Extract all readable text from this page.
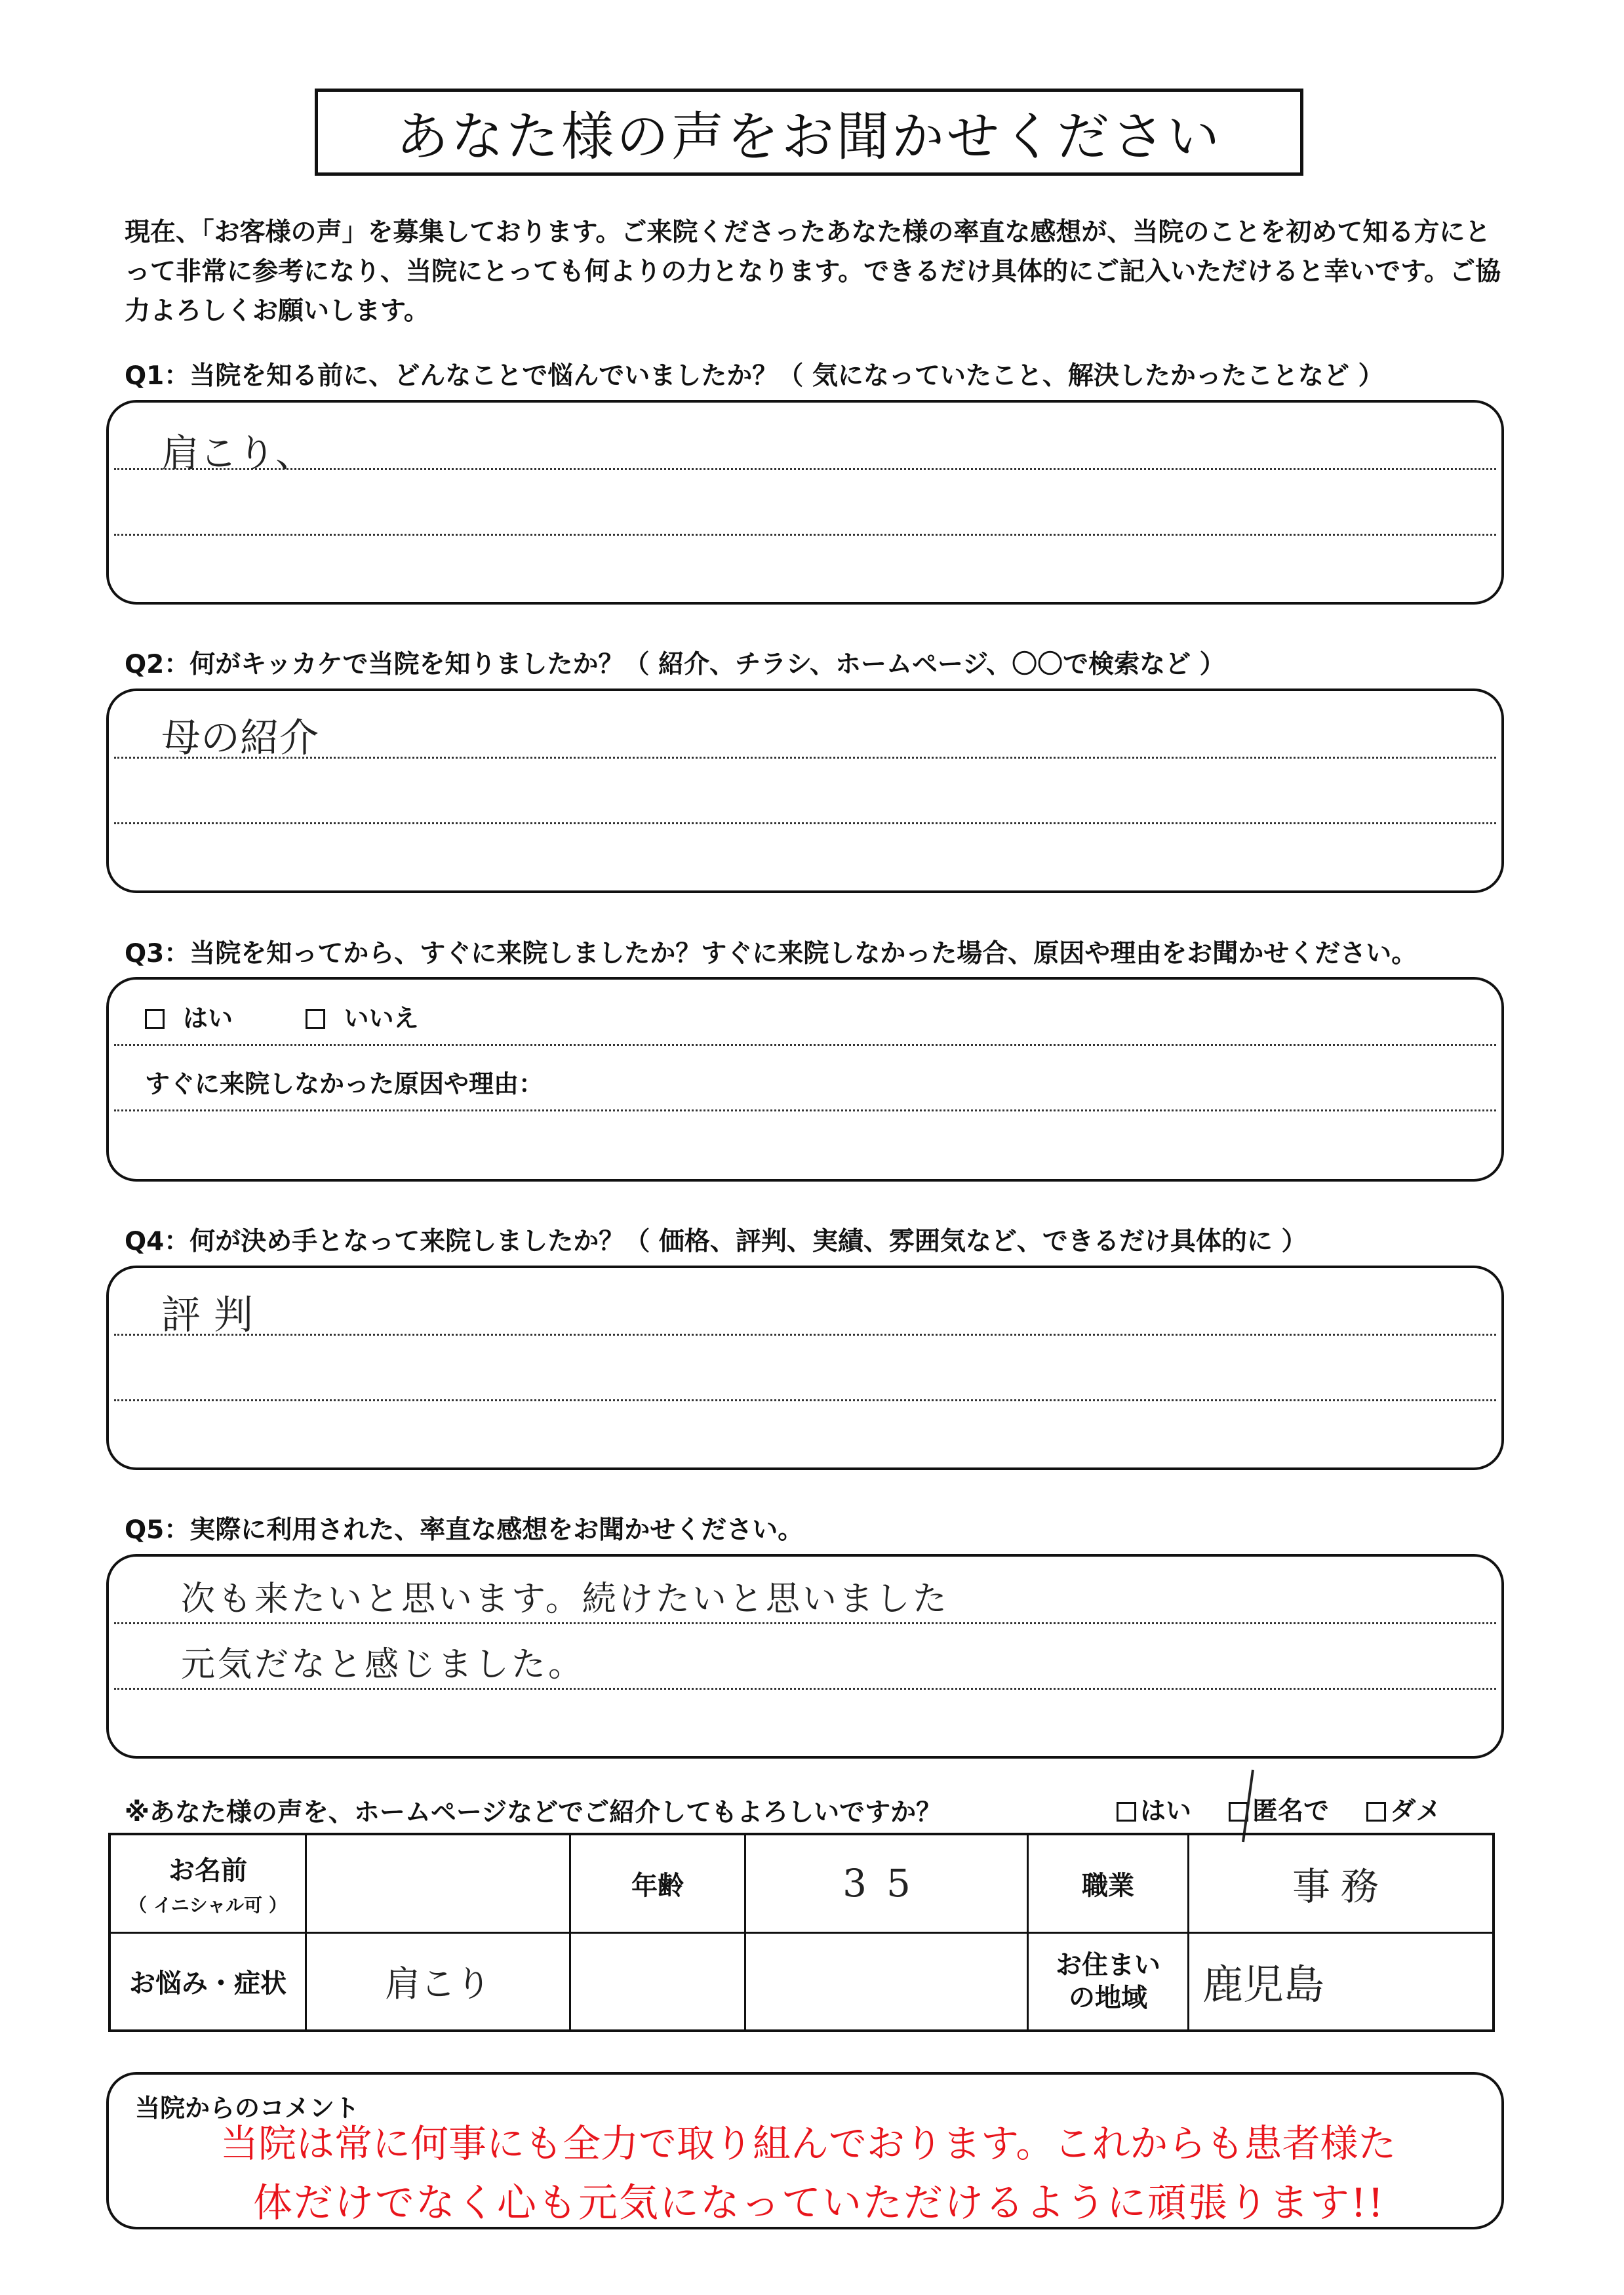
あなた様の声をお聞かせください
現在、「お客様の声」を募集しております。ご来院くださったあなた様の率直な感想が、当院のことを初めて知る方にとって非常に参考になり、当院にとっても何よりの力となります。できるだけ具体的にご記入いただけると幸いです。ご協力よろしくお願いします。
Q1：当院を知る前に、どんなことで悩んでいましたか？（ 気になっていたこと、解決したかったことなど ）
肩こり、
Q2：何がキッカケで当院を知りましたか？（ 紹介、チラシ、ホームページ、〇〇で検索など ）
母の紹介
Q3：当院を知ってから、すぐに来院しましたか？すぐに来院しなかった場合、原因や理由をお聞かせください。
はい	いいえ
すぐに来院しなかった原因や理由：
Q4：何が決め手となって来院しましたか？（ 価格、評判、実績、雰囲気など、できるだけ具体的に ）
評判
Q5：実際に利用された、率直な感想をお聞かせください。
次も来たいと思います。続けたいと思いました
元気だなと感じました。
※あなた様の声を、ホームページなどでご紹介してもよろしいですか？	はい 匿名で ダメ
お名前
（ イニシャル可 ）		年齢	35	職業	事務
お悩み・症状	肩こり			お住まい
の地域	鹿児島
当院からのコメント
当院は常に何事にも全力で取り組んでおります。これからも患者様た
体だけでなく心も元気になっていただけるように頑張ります!!
